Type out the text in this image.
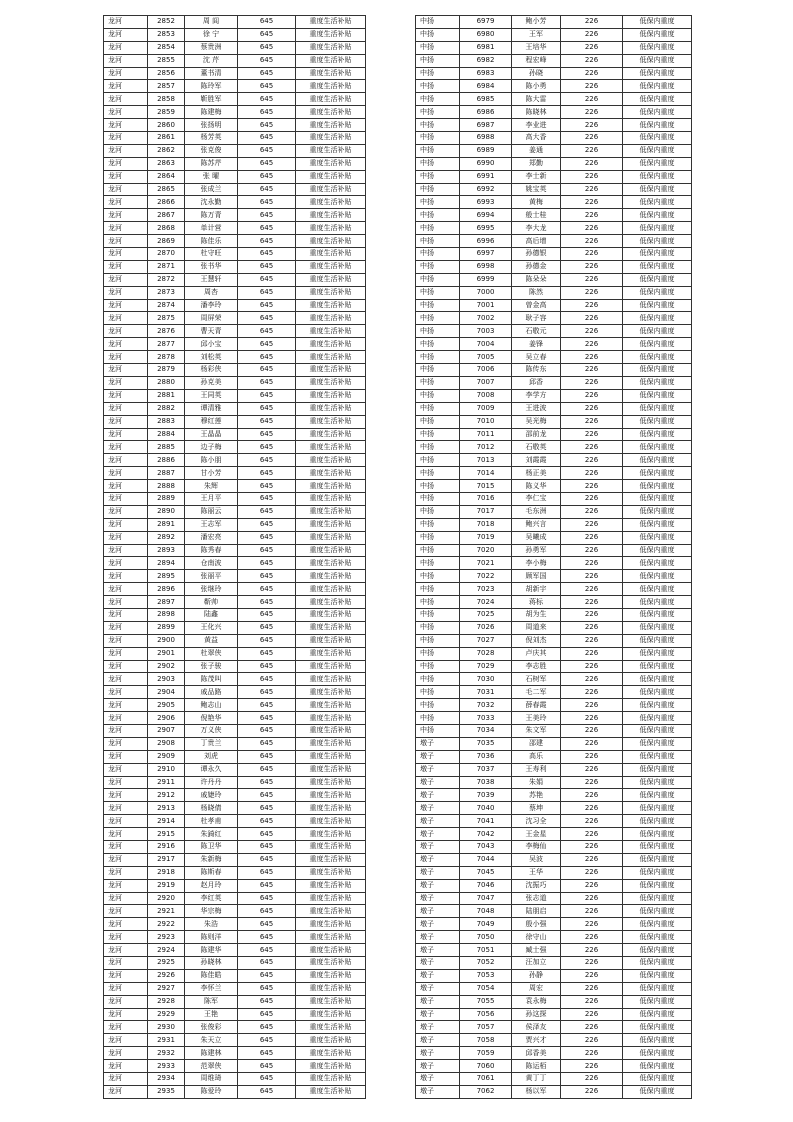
龙河	2852	周 闾	645	重度生活补贴
龙河	2853	徐 宁	645	重度生活补贴
龙河	2854	蔡贵洲	645	重度生活补贴
龙河	2855	沈 芹	645	重度生活补贴
龙河	2856	董书清	645	重度生活补贴
龙河	2857	陈玲军	645	重度生活补贴
龙河	2858	靳胜军	645	重度生活补贴
龙河	2859	陈建梅	645	重度生活补贴
龙河	2860	张扬明	645	重度生活补贴
龙河	2861	杨芳英	645	重度生活补贴
龙河	2862	张克俊	645	重度生活补贴
龙河	2863	陈苏芹	645	重度生活补贴
龙河	2864	张 曜	645	重度生活补贴
龙河	2865	张成兰	645	重度生活补贴
龙河	2866	沈永勤	645	重度生活补贴
龙河	2867	陈万青	645	重度生活补贴
龙河	2868	单计营	645	重度生活补贴
龙河	2869	陈佳乐	645	重度生活补贴
龙河	2870	杜守旺	645	重度生活补贴
龙河	2871	张书华	645	重度生活补贴
龙河	2872	王慧轩	645	重度生活补贴
龙河	2873	周杏	645	重度生活补贴
龙河	2874	潘李玲	645	重度生活补贴
龙河	2875	周屏荣	645	重度生活补贴
龙河	2876	曹天青	645	重度生活补贴
龙河	2877	邱小宝	645	重度生活补贴
龙河	2878	刘松英	645	重度生活补贴
龙河	2879	杨彩侠	645	重度生活补贴
龙河	2880	孙克美	645	重度生活补贴
龙河	2881	王同英	645	重度生活补贴
龙河	2882	谭清雅	645	重度生活补贴
龙河	2883	穆红莲	645	重度生活补贴
龙河	2884	王晶晶	645	重度生活补贴
龙河	2885	边子梅	645	重度生活补贴
龙河	2886	陈小朋	645	重度生活补贴
龙河	2887	甘小芳	645	重度生活补贴
龙河	2888	朱辉	645	重度生活补贴
龙河	2889	王月平	645	重度生活补贴
龙河	2890	陈丽云	645	重度生活补贴
龙河	2891	王志军	645	重度生活补贴
龙河	2892	潘宏亮	645	重度生活补贴
龙河	2893	陈秀春	645	重度生活补贴
龙河	2894	仓南波	645	重度生活补贴
龙河	2895	张丽平	645	重度生活补贴
龙河	2896	张继玲	645	重度生活补贴
龙河	2897	靳帅	645	重度生活补贴
龙河	2898	陆鑫	645	重度生活补贴
龙河	2899	王化兴	645	重度生活补贴
龙河	2900	黄益	645	重度生活补贴
龙河	2901	杜翠侠	645	重度生活补贴
龙河	2902	张子骏	645	重度生活补贴
龙河	2903	陈茂叫	645	重度生活补贴
龙河	2904	戚品路	645	重度生活补贴
龙河	2905	鲍志山	645	重度生活补贴
龙河	2906	倪艳华	645	重度生活补贴
龙河	2907	万义侠	645	重度生活补贴
龙河	2908	丁贵兰	645	重度生活补贴
龙河	2909	刘虎	645	重度生活补贴
龙河	2910	谭永久	645	重度生活补贴
龙河	2911	许丹丹	645	重度生活补贴
龙河	2912	戚婕玲	645	重度生活补贴
龙河	2913	杨晓倩	645	重度生活补贴
龙河	2914	杜孝甫	645	重度生活补贴
龙河	2915	朱錡红	645	重度生活补贴
龙河	2916	陈卫华	645	重度生活补贴
龙河	2917	朱新梅	645	重度生活补贴
龙河	2918	陈斯春	645	重度生活补贴
龙河	2919	赵月玲	645	重度生活补贴
龙河	2920	李红英	645	重度生活补贴
龙河	2921	华宗梅	645	重度生活补贴
龙河	2922	朱浩	645	重度生活补贴
龙河	2923	陈则洋	645	重度生活补贴
龙河	2924	陈建华	645	重度生活补贴
龙河	2925	孙晓林	645	重度生活补贴
龙河	2926	陈佳皓	645	重度生活补贴
龙河	2927	李怀兰	645	重度生活补贴
龙河	2928	陈军	645	重度生活补贴
龙河	2929	王艳	645	重度生活补贴
龙河	2930	张俊彩	645	重度生活补贴
龙河	2931	朱天立	645	重度生活补贴
龙河	2932	陈建林	645	重度生活补贴
龙河	2933	范翠侠	645	重度生活补贴
龙河	2934	周维琦	645	重度生活补贴
龙河	2935	陈爱玲	645	重度生活补贴
中扬	6979	鲍小芳	226	低保内重度
中扬	6980	王军	226	低保内重度
中扬	6981	王培华	226	低保内重度
中扬	6982	程宏峰	226	低保内重度
中扬	6983	孙晓	226	低保内重度
中扬	6984	陈小勇	226	低保内重度
中扬	6985	陈大雷	226	低保内重度
中扬	6986	陈晓林	226	低保内重度
中扬	6987	李业进	226	低保内重度
中扬	6988	高大香	226	低保内重度
中扬	6989	姜通	226	低保内重度
中扬	6990	郑勤	226	低保内重度
中扬	6991	李士新	226	低保内重度
中扬	6992	姚宝英	226	低保内重度
中扬	6993	黄梅	226	低保内重度
中扬	6994	般士桂	226	低保内重度
中扬	6995	李大龙	226	低保内重度
中扬	6996	高后增	226	低保内重度
中扬	6997	孙德银	226	低保内重度
中扬	6998	孙德金	226	低保内重度
中扬	6999	陈朵朵	226	低保内重度
中扬	7000	陈然	226	低保内重度
中扬	7001	曾金高	226	低保内重度
中扬	7002	耿子容	226	低保内重度
中扬	7003	石敬元	226	低保内重度
中扬	7004	姜锋	226	低保内重度
中扬	7005	吴立春	226	低保内重度
中扬	7006	陈传东	226	低保内重度
中扬	7007	邱香	226	低保内重度
中扬	7008	李学方	226	低保内重度
中扬	7009	王进波	226	低保内重度
中扬	7010	吴光梅	226	低保内重度
中扬	7011	邵前龙	226	低保内重度
中扬	7012	石敬英	226	低保内重度
中扬	7013	刘霞霞	226	低保内重度
中扬	7014	杨正美	226	低保内重度
中扬	7015	陈义华	226	低保内重度
中扬	7016	李仁宝	226	低保内重度
中扬	7017	毛东洲	226	低保内重度
中扬	7018	鲍兴言	226	低保内重度
中扬	7019	吴曦成	226	低保内重度
中扬	7020	孙勇军	226	低保内重度
中扬	7021	李小梅	226	低保内重度
中扬	7022	顾军国	226	低保内重度
中扬	7023	胡新宇	226	低保内重度
中扬	7024	蒋标	226	低保内重度
中扬	7025	胡为生	226	低保内重度
中扬	7026	周道来	226	低保内重度
中扬	7027	倪刘杰	226	低保内重度
中扬	7028	卢庆其	226	低保内重度
中扬	7029	李志胜	226	低保内重度
中扬	7030	石树军	226	低保内重度
中扬	7031	毛二军	226	低保内重度
中扬	7032	薛春霞	226	低保内重度
中扬	7033	王美玲	226	低保内重度
中扬	7034	朱文军	226	低保内重度
墩子	7035	邵建	226	低保内重度
墩子	7036	高乐	226	低保内重度
墩子	7037	王寿利	226	低保内重度
墩子	7038	朱娟	226	低保内重度
墩子	7039	苏艳	226	低保内重度
墩子	7040	蔡坤	226	低保内重度
墩子	7041	沈习全	226	低保内重度
墩子	7042	王金星	226	低保内重度
墩子	7043	李梅仙	226	低保内重度
墩子	7044	吴波	226	低保内重度
墩子	7045	王华	226	低保内重度
墩子	7046	沈振巧	226	低保内重度
墩子	7047	张志道	226	低保内重度
墩子	7048	陆朋启	226	低保内重度
墩子	7049	殷小强	226	低保内重度
墩子	7050	徐守山	226	低保内重度
墩子	7051	臧士强	226	低保内重度
墩子	7052	汪加立	226	低保内重度
墩子	7053	孙静	226	低保内重度
墩子	7054	周宏	226	低保内重度
墩子	7055	袁永梅	226	低保内重度
墩子	7056	孙这探	226	低保内重度
墩子	7057	侯泽友	226	低保内重度
墩子	7058	贾兴才	226	低保内重度
墩子	7059	邱香美	226	低保内重度
墩子	7060	陈运栢	226	低保内重度
墩子	7061	黄丁丁	226	低保内重度
墩子	7062	杨以军	226	低保内重度
